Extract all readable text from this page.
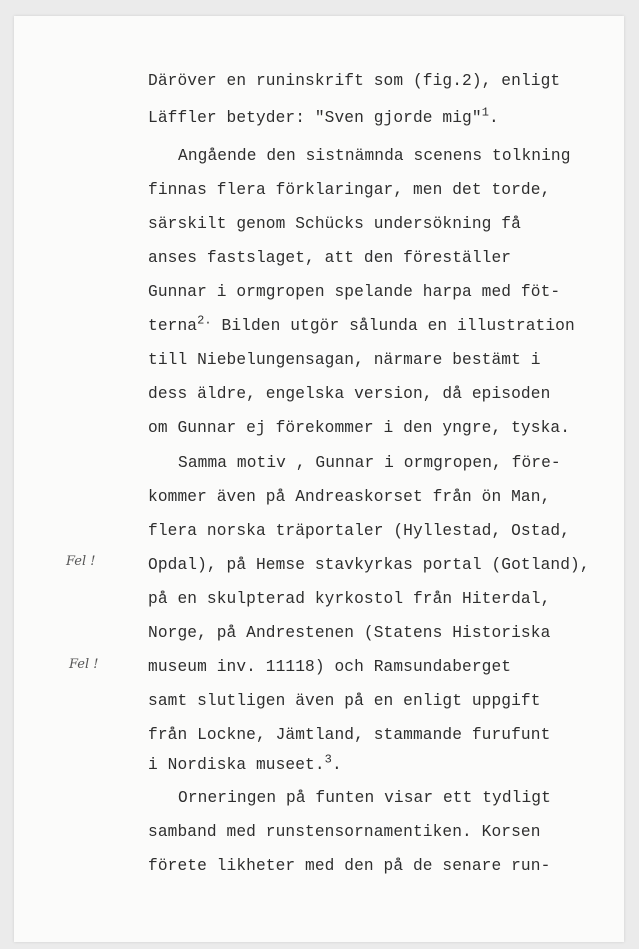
Däröver en runinskrift som (fig.2), enligt
Läffler betyder: "Sven gjorde mig"$^1$.
Angående den sistnämnda scenens tolkning
finnas flera förklaringar, men det torde,
särskilt genom Schücks undersökning få
anses fastslaget, att den föreställer
Gunnar i ormgropen spelande harpa med föt-
terna$^{2.}$ Bilden utgör sålunda en illustration
till Niebelungensagan, närmare bestämt i
dess äldre, engelska version, då episoden
om Gunnar ej förekommer i den yngre, tyska.
Samma motiv , Gunnar i ormgropen, före-
kommer även på Andreaskorset från ön Man,
flera norska träportaler (Hyllestad, Ostad,
Opdal), på Hemse stavkyrkas portal (Gotland),
på en skulpterad kyrkostol från Hiterdal,
Norge, på Andrestenen (Statens Historiska
museum inv. 11118) och Ramsundaberget
samt slutligen även på en enligt uppgift
från Lockne, Jämtland, stammande furufunt
i Nordiska museet.$^3$.
Orneringen på funten visar ett tydligt
samband med runstensornamentiken. Korsen
förete likheter med den på de senare run-
Fel !
Fel !
